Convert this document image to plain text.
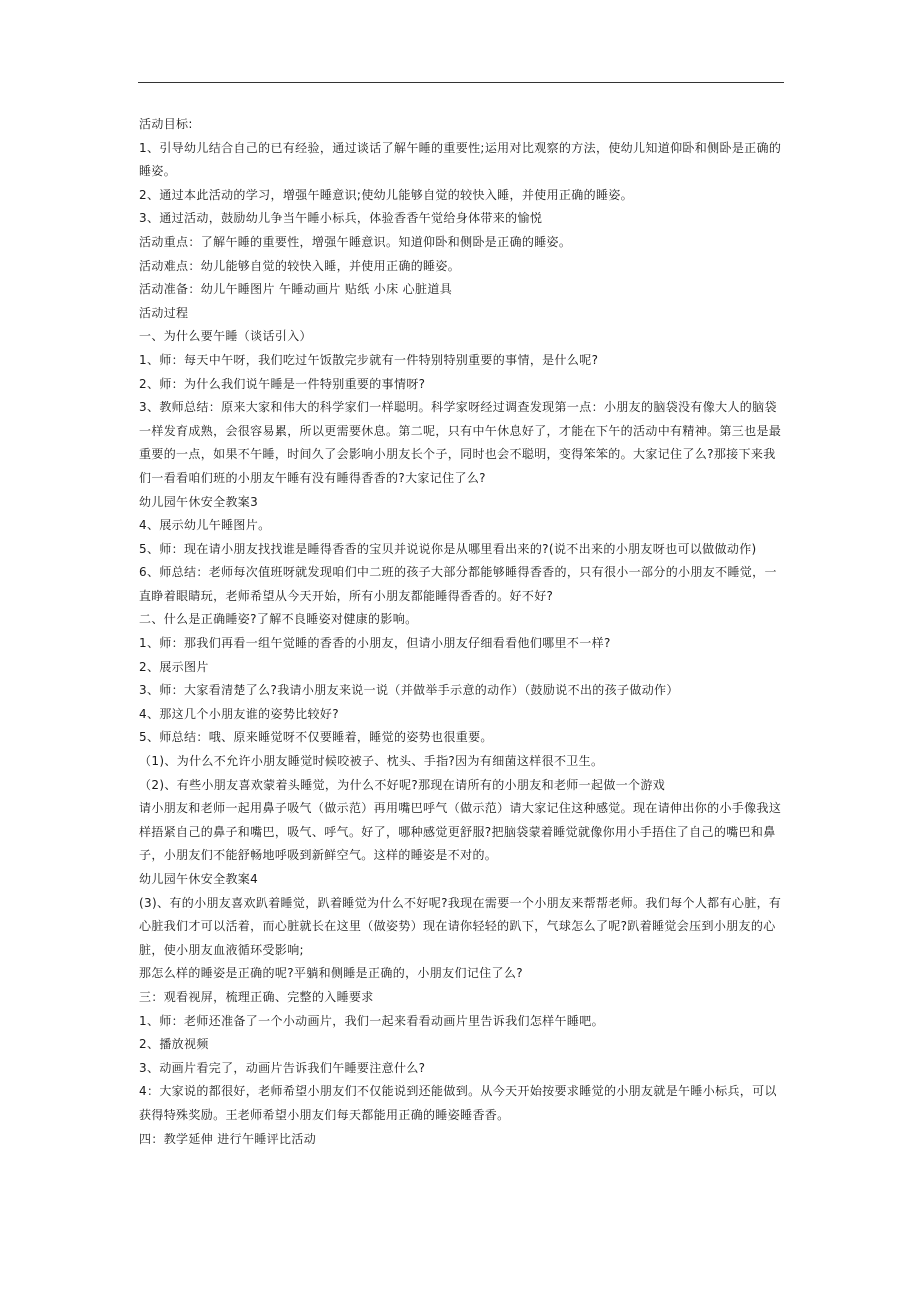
活动目标:

1、引导幼儿结合自己的已有经验，通过谈话了解午睡的重要性;运用对比观察的方法，使幼儿知道仰卧和侧卧是正确的睡姿。

2、通过本此活动的学习，增强午睡意识;使幼儿能够自觉的较快入睡，并使用正确的睡姿。

3、通过活动，鼓励幼儿争当午睡小标兵，体验香香午觉给身体带来的愉悦

活动重点：了解午睡的重要性，增强午睡意识。知道仰卧和侧卧是正确的睡姿。

活动难点：幼儿能够自觉的较快入睡，并使用正确的睡姿。

活动准备：幼儿午睡图片 午睡动画片 贴纸 小床 心脏道具

活动过程

一、为什么要午睡（谈话引入）

1、师：每天中午呀，我们吃过午饭散完步就有一件特别特别重要的事情，是什么呢?

2、师：为什么我们说午睡是一件特别重要的事情呀?

3、教师总结：原来大家和伟大的科学家们一样聪明。科学家呀经过调查发现第一点：小朋友的脑袋没有像大人的脑袋一样发育成熟，会很容易累，所以更需要休息。第二呢，只有中午休息好了，才能在下午的活动中有精神。第三也是最重要的一点，如果不午睡，时间久了会影响小朋友长个子，同时也会不聪明，变得笨笨的。大家记住了么?那接下来我们一看看咱们班的小朋友午睡有没有睡得香香的?大家记住了么?

幼儿园午休安全教案3

4、展示幼儿午睡图片。

5、师：现在请小朋友找找谁是睡得香香的宝贝并说说你是从哪里看出来的?(说不出来的小朋友呀也可以做做动作)

6、师总结：老师每次值班呀就发现咱们中二班的孩子大部分都能够睡得香香的，只有很小一部分的小朋友不睡觉，一直睁着眼睛玩，老师希望从今天开始，所有小朋友都能睡得香香的。好不好?

二、什么是正确睡姿?了解不良睡姿对健康的影响。

1、师：那我们再看一组午觉睡的香香的小朋友，但请小朋友仔细看看他们哪里不一样?

2、展示图片

3、师：大家看清楚了么?我请小朋友来说一说（并做举手示意的动作）（鼓励说不出的孩子做动作）

4、那这几个小朋友谁的姿势比较好?

5、师总结：哦、原来睡觉呀不仅要睡着，睡觉的姿势也很重要。

（1)、为什么不允许小朋友睡觉时候咬被子、枕头、手指?因为有细菌这样很不卫生。

（2)、有些小朋友喜欢蒙着头睡觉，为什么不好呢?那现在请所有的小朋友和老师一起做一个游戏

请小朋友和老师一起用鼻子吸气（做示范）再用嘴巴呼气（做示范）请大家记住这种感觉。现在请伸出你的小手像我这样捂紧自己的鼻子和嘴巴，吸气、呼气。好了，哪种感觉更舒服?把脑袋蒙着睡觉就像你用小手捂住了自己的嘴巴和鼻子，小朋友们不能舒畅地呼吸到新鲜空气。这样的睡姿是不对的。

幼儿园午休安全教案4

(3)、有的小朋友喜欢趴着睡觉，趴着睡觉为什么不好呢?我现在需要一个小朋友来帮帮老师。我们每个人都有心脏，有心脏我们才可以活着，而心脏就长在这里（做姿势）现在请你轻轻的趴下，气球怎么了呢?趴着睡觉会压到小朋友的心脏，使小朋友血液循环受影响;

那怎么样的睡姿是正确的呢?平躺和侧睡是正确的，小朋友们记住了么?

三：观看视屏，梳理正确、完整的入睡要求

1、师：老师还准备了一个小动画片，我们一起来看看动画片里告诉我们怎样午睡吧。

2、播放视频

3、动画片看完了，动画片告诉我们午睡要注意什么?

4：大家说的都很好，老师希望小朋友们不仅能说到还能做到。从今天开始按要求睡觉的小朋友就是午睡小标兵，可以获得特殊奖励。王老师希望小朋友们每天都能用正确的睡姿睡香香。

四：教学延伸 进行午睡评比活动
